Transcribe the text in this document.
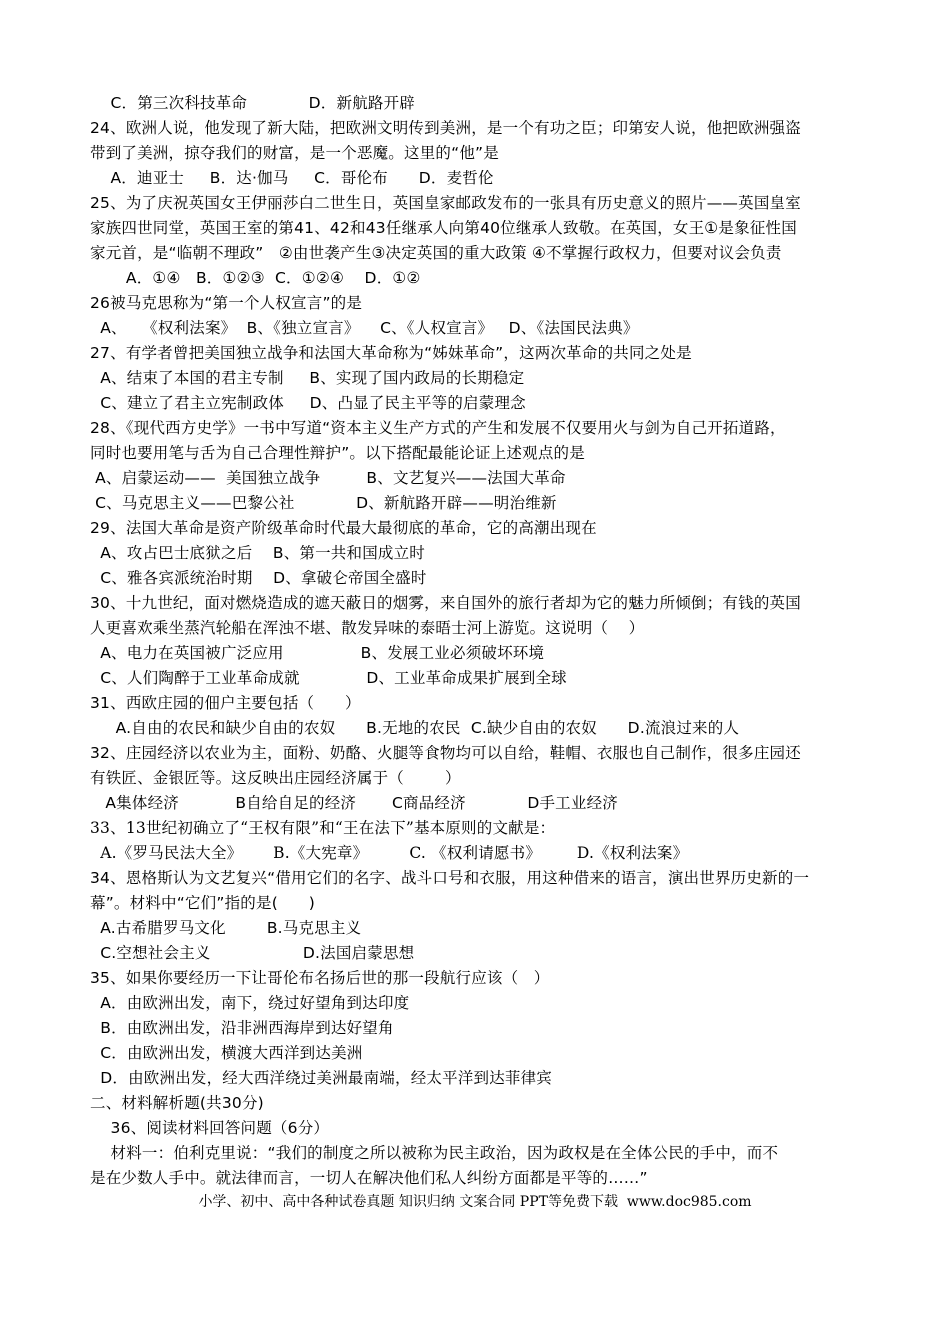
C．第三次科技革命            D．新航路开辟
24、欧洲人说，他发现了新大陆，把欧洲文明传到美洲，是一个有功之臣；印第安人说，他把欧洲强盗
带到了美洲，掠夺我们的财富，是一个恶魔。这里的“他”是
A．迪亚士     B．达·伽马     C．哥伦布      D．麦哲伦
25、为了庆祝英国女王伊丽莎白二世生日，英国皇家邮政发布的一张具有历史意义的照片——英国皇室
家族四世同堂，英国王室的第41、42和43任继承人向第40位继承人致敬。在英国，女王①是象征性国
家元首，是“临朝不理政”   ②由世袭产生③决定英国的重大政策 ④不掌握行政权力，但要对议会负责
A．①④   B．①②③  C．①②④    D．①②
26被马克思称为“第一个人权宣言”的是
A、   《权利法案》  B、《独立宣言》    C、《人权宣言》   D、《法国民法典》
27、有学者曾把美国独立战争和法国大革命称为“姊妹革命”，这两次革命的共同之处是
A、结束了本国的君主专制     B、实现了国内政局的长期稳定
C、建立了君主立宪制政体     D、凸显了民主平等的启蒙理念
28、《现代西方史学》一书中写道“资本主义生产方式的产生和发展不仅要用火与剑为自己开拓道路，
同时也要用笔与舌为自己合理性辩护”。以下搭配最能论证上述观点的是
A、启蒙运动——  美国独立战争         B、文艺复兴——法国大革命
C、马克思主义——巴黎公社            D、新航路开辟——明治维新
29、法国大革命是资产阶级革命时代最大最彻底的革命，它的高潮出现在
A、攻占巴士底狱之后    B、第一共和国成立时
C、雅各宾派统治时期    D、拿破仑帝国全盛时
30、十九世纪，面对燃烧造成的遮天蔽日的烟雾，来自国外的旅行者却为它的魅力所倾倒；有钱的英国
人更喜欢乘坐蒸汽轮船在浑浊不堪、散发异味的泰晤士河上游览。这说明（    ）
A、电力在英国被广泛应用               B、发展工业必须破坏环境
C、人们陶醉于工业革命成就             D、工业革命成果扩展到全球
31、西欧庄园的佃户主要包括（      ）
A.自由的农民和缺少自由的农奴      B.无地的农民  C.缺少自由的农奴      D.流浪过来的人
32、庄园经济以农业为主，面粉、奶酪、火腿等食物均可以自给，鞋帽、衣服也自己制作，很多庄园还
有铁匠、金银匠等。这反映出庄园经济属于（        ）
A集体经济           B自给自足的经济       C商品经济            D手工业经济
33、13世纪初确立了“王权有限”和“王在法下”基本原则的文献是：
A.《罗马民法大全》      B.《大宪章》        C. 《权利请愿书》       D.《权利法案》
34、恩格斯认为文艺复兴“借用它们的名字、战斗口号和衣服，用这种借来的语言，演出世界历史新的一
幕”。材料中“它们”指的是(      )
A.古希腊罗马文化        B.马克思主义
C.空想社会主义                  D.法国启蒙思想
35、如果你要经历一下让哥伦布名扬后世的那一段航行应该（   ）
A．由欧洲出发，南下，绕过好望角到达印度
B．由欧洲出发，沿非洲西海岸到达好望角
C．由欧洲出发，横渡大西洋到达美洲
D．由欧洲出发，经大西洋绕过美洲最南端，经太平洋到达菲律宾
二、材料解析题(共30分)
36、阅读材料回答问题（6分）
材料一：伯利克里说：“我们的制度之所以被称为民主政治，因为政权是在全体公民的手中，而不
是在少数人手中。就法律而言，一切人在解决他们私人纠纷方面都是平等的……”
小学、初中、高中各种试卷真题 知识归纳 文案合同 PPT等免费下载  www.doc985.com
